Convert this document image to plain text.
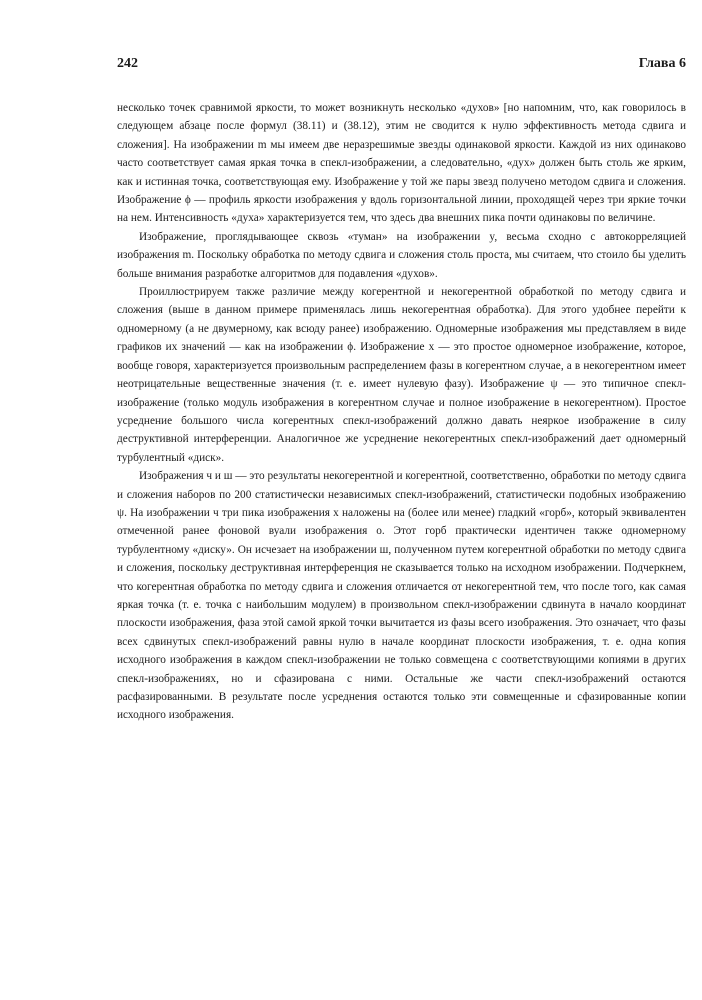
242	Глава 6

несколько точек сравнимой яркости, то может возникнуть несколько «духов» [но напомним, что, как говорилось в следующем абзаце после формул (38.11) и (38.12), этим не сводится к нулю эффективность метода сдвига и сложения]. На изображении m мы имеем две неразрешимые звезды одинаковой яркости. Каждой из них одинаково часто соответствует самая яркая точка в спекл-изображении, а следовательно, «дух» должен быть столь же ярким, как и истинная точка, соответствующая ему. Изображение y той же пары звезд получено методом сдвига и сложения. Изображение ϕ — профиль яркости изображения y вдоль горизонтальной линии, проходящей через три яркие точки на нем. Интенсивность «духа» характеризуется тем, что здесь два внешних пика почти одинаковы по величине.

Изображение, проглядывающее сквозь «туман» на изображении y, весьма сходно с автокорреляцией изображения m. Поскольку обработка по методу сдвига и сложения столь проста, мы считаем, что стоило бы уделить больше внимания разработке алгоритмов для подавления «духов».

Проиллюстрируем также различие между когерентной и некогерентной обработкой по методу сдвига и сложения (выше в данном примере применялась лишь некогерентная обработка). Для этого удобнее перейти к одномерному (а не двумерному, как всюду ранее) изображению. Одномерные изображения мы представляем в виде графиков их значений — как на изображении ϕ. Изображение x — это простое одномерное изображение, которое, вообще говоря, характеризуется произвольным распределением фазы в когерентном случае, а в некогерентном имеет неотрицательные вещественные значения (т. е. имеет нулевую фазу). Изображение ψ — это типичное спекл-изображение (только модуль изображения в когерентном случае и полное изображение в некогерентном). Простое усреднение большого числа когерентных спекл-изображений должно давать неяркое изображение в силу деструктивной интерференции. Аналогичное же усреднение некогерентных спекл-изображений дает одномерный турбулентный «диск».

Изображения ч и ш — это результаты некогерентной и когерентной, соответственно, обработки по методу сдвига и сложения наборов по 200 статистически независимых спекл-изображений, статистически подобных изображению ψ. На изображении ч три пика изображения x наложены на (более или менее) гладкий «горб», который эквивалентен отмеченной ранее фоновой вуали изображения o. Этот горб практически идентичен также одномерному турбулентному «диску». Он исчезает на изображении ш, полученном путем когерентной обработки по методу сдвига и сложения, поскольку деструктивная интерференция не сказывается только на исходном изображении. Подчеркнем, что когерентная обработка по методу сдвига и сложения отличается от некогерентной тем, что после того, как самая яркая точка (т. е. точка с наибольшим модулем) в произвольном спекл-изображении сдвинута в начало координат плоскости изображения, фаза этой самой яркой точки вычитается из фазы всего изображения. Это означает, что фазы всех сдвинутых спекл-изображений равны нулю в начале координат плоскости изображения, т. е. одна копия исходного изображения в каждом спекл-изображении не только совмещена с соответствующими копиями в других спекл-изображениях, но и сфазирована с ними. Остальные же части спекл-изображений остаются расфазированными. В результате после усреднения остаются только эти совмещенные и сфазированные копии исходного изображения.
